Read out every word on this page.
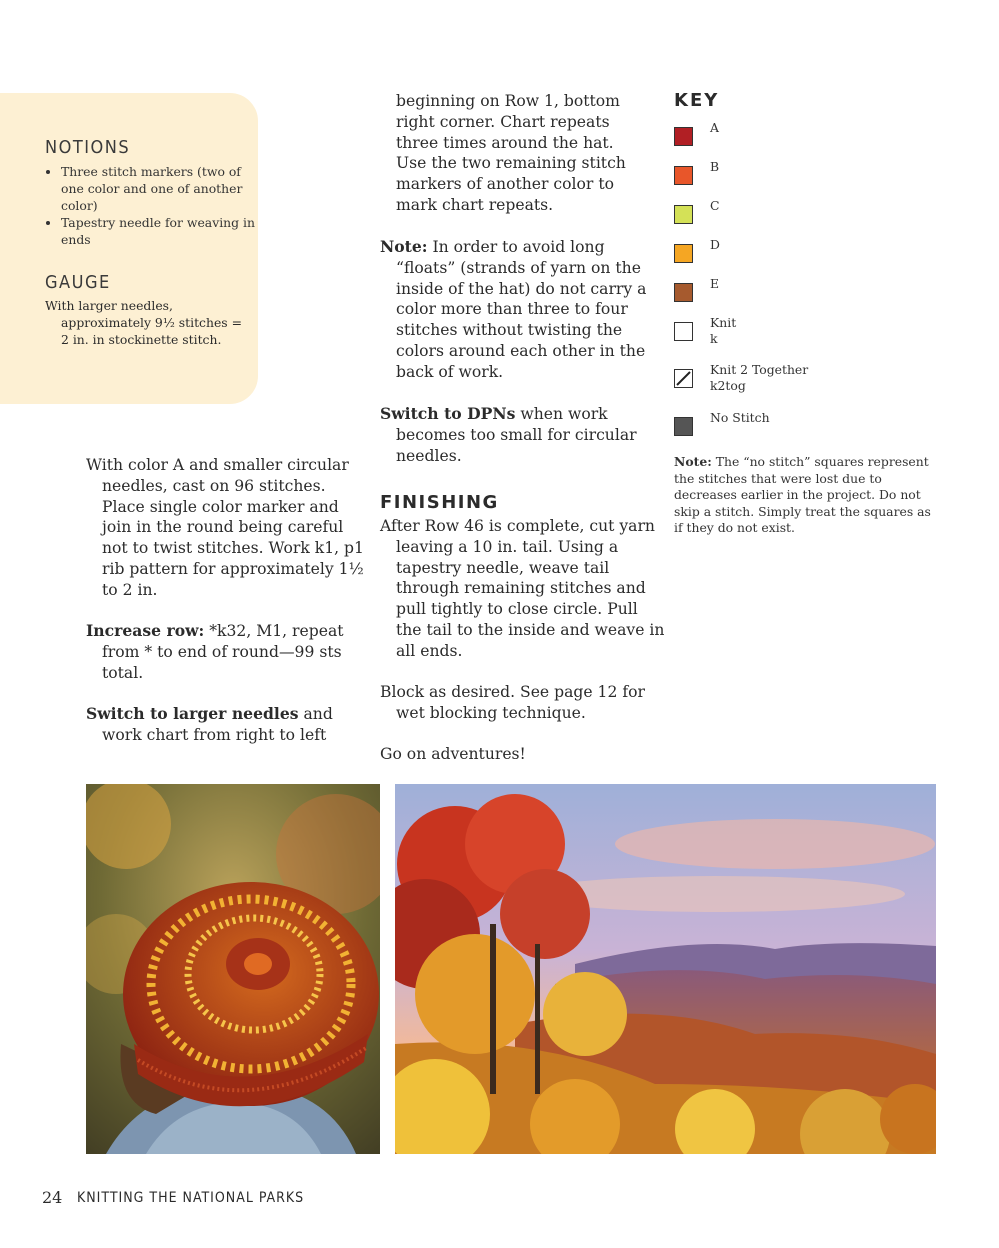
NOTIONS
• Three stitch markers (two of one color and one of another color)
• Tapestry needle for weaving in ends
GAUGE

With larger needles, approximately 9½ stitches = 2 in. in stockinette stitch.

With color A and smaller circular needles, cast on 96 stitches. Place single color marker and join in the round being careful not to twist stitches. Work k1, p1 rib pattern for approximately 1½ to 2 in.

Increase row: *k32, M1, repeat from * to end of round—99 sts total.

Switch to larger needles and work chart from right to left

beginning on Row 1, bottom right corner. Chart repeats three times around the hat. Use the two remaining stitch markers of another color to mark chart repeats.

Note: In order to avoid long “floats” (strands of yarn on the inside of the hat) do not carry a color more than three to four stitches without twisting the colors around each other in the back of work.

Switch to DPNs when work becomes too small for circular needles.

FINISHING

After Row 46 is complete, cut yarn leaving a 10 in. tail. Using a tapestry needle, weave tail through remaining stitches and pull tightly to close circle. Pull the tail to the inside and weave in all ends.

Block as desired. See page 12 for wet blocking technique.

Go on adventures!

KEY

A

B

C

D

E

Knit
k

Knit 2 Together
k2tog

No Stitch

Note: The “no stitch” squares represent the stitches that were lost due to decreases earlier in the project. Do not skip a stitch. Simply treat the squares as if they do not exist.

24 KNITTING THE NATIONAL PARKS
